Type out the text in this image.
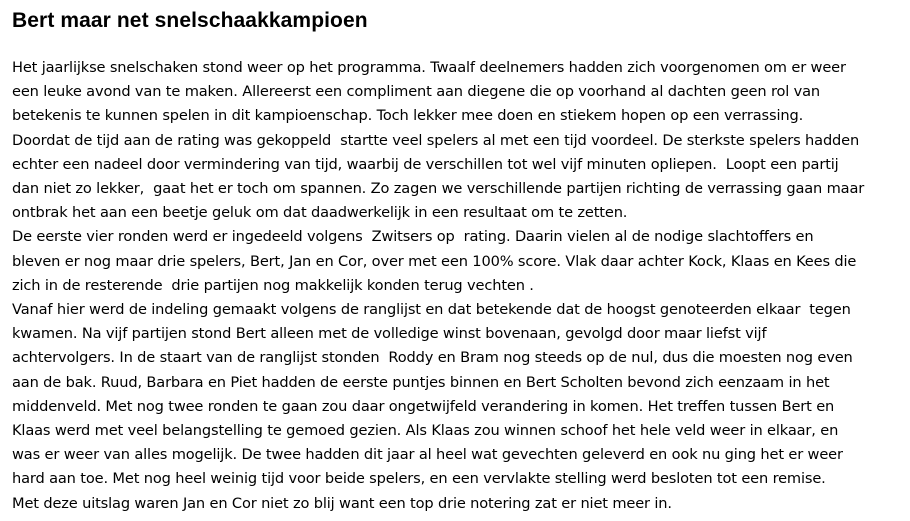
Bert maar net snelschaakkampioen
Het jaarlijkse snelschaken stond weer op het programma. Twaalf deelnemers hadden zich voorgenomen om er weer
een leuke avond van te maken. Allereerst een compliment aan diegene die op voorhand al dachten geen rol van
betekenis te kunnen spelen in dit kampioenschap. Toch lekker mee doen en stiekem hopen op een verrassing.
Doordat de tijd aan de rating was gekoppeld  startte veel spelers al met een tijd voordeel. De sterkste spelers hadden
echter een nadeel door vermindering van tijd, waarbij de verschillen tot wel vijf minuten opliepen.  Loopt een partij
dan niet zo lekker,  gaat het er toch om spannen. Zo zagen we verschillende partijen richting de verrassing gaan maar
ontbrak het aan een beetje geluk om dat daadwerkelijk in een resultaat om te zetten.
De eerste vier ronden werd er ingedeeld volgens  Zwitsers op  rating. Daarin vielen al de nodige slachtoffers en
bleven er nog maar drie spelers, Bert, Jan en Cor, over met een 100% score. Vlak daar achter Kock, Klaas en Kees die
zich in de resterende  drie partijen nog makkelijk konden terug vechten .
Vanaf hier werd de indeling gemaakt volgens de ranglijst en dat betekende dat de hoogst genoteerden elkaar  tegen
kwamen. Na vijf partijen stond Bert alleen met de volledige winst bovenaan, gevolgd door maar liefst vijf
achtervolgers. In de staart van de ranglijst stonden  Roddy en Bram nog steeds op de nul, dus die moesten nog even
aan de bak. Ruud, Barbara en Piet hadden de eerste puntjes binnen en Bert Scholten bevond zich eenzaam in het
middenveld. Met nog twee ronden te gaan zou daar ongetwijfeld verandering in komen. Het treffen tussen Bert en
Klaas werd met veel belangstelling te gemoed gezien. Als Klaas zou winnen schoof het hele veld weer in elkaar, en
was er weer van alles mogelijk. De twee hadden dit jaar al heel wat gevechten geleverd en ook nu ging het er weer
hard aan toe. Met nog heel weinig tijd voor beide spelers, en een vervlakte stelling werd besloten tot een remise.
Met deze uitslag waren Jan en Cor niet zo blij want een top drie notering zat er niet meer in.
